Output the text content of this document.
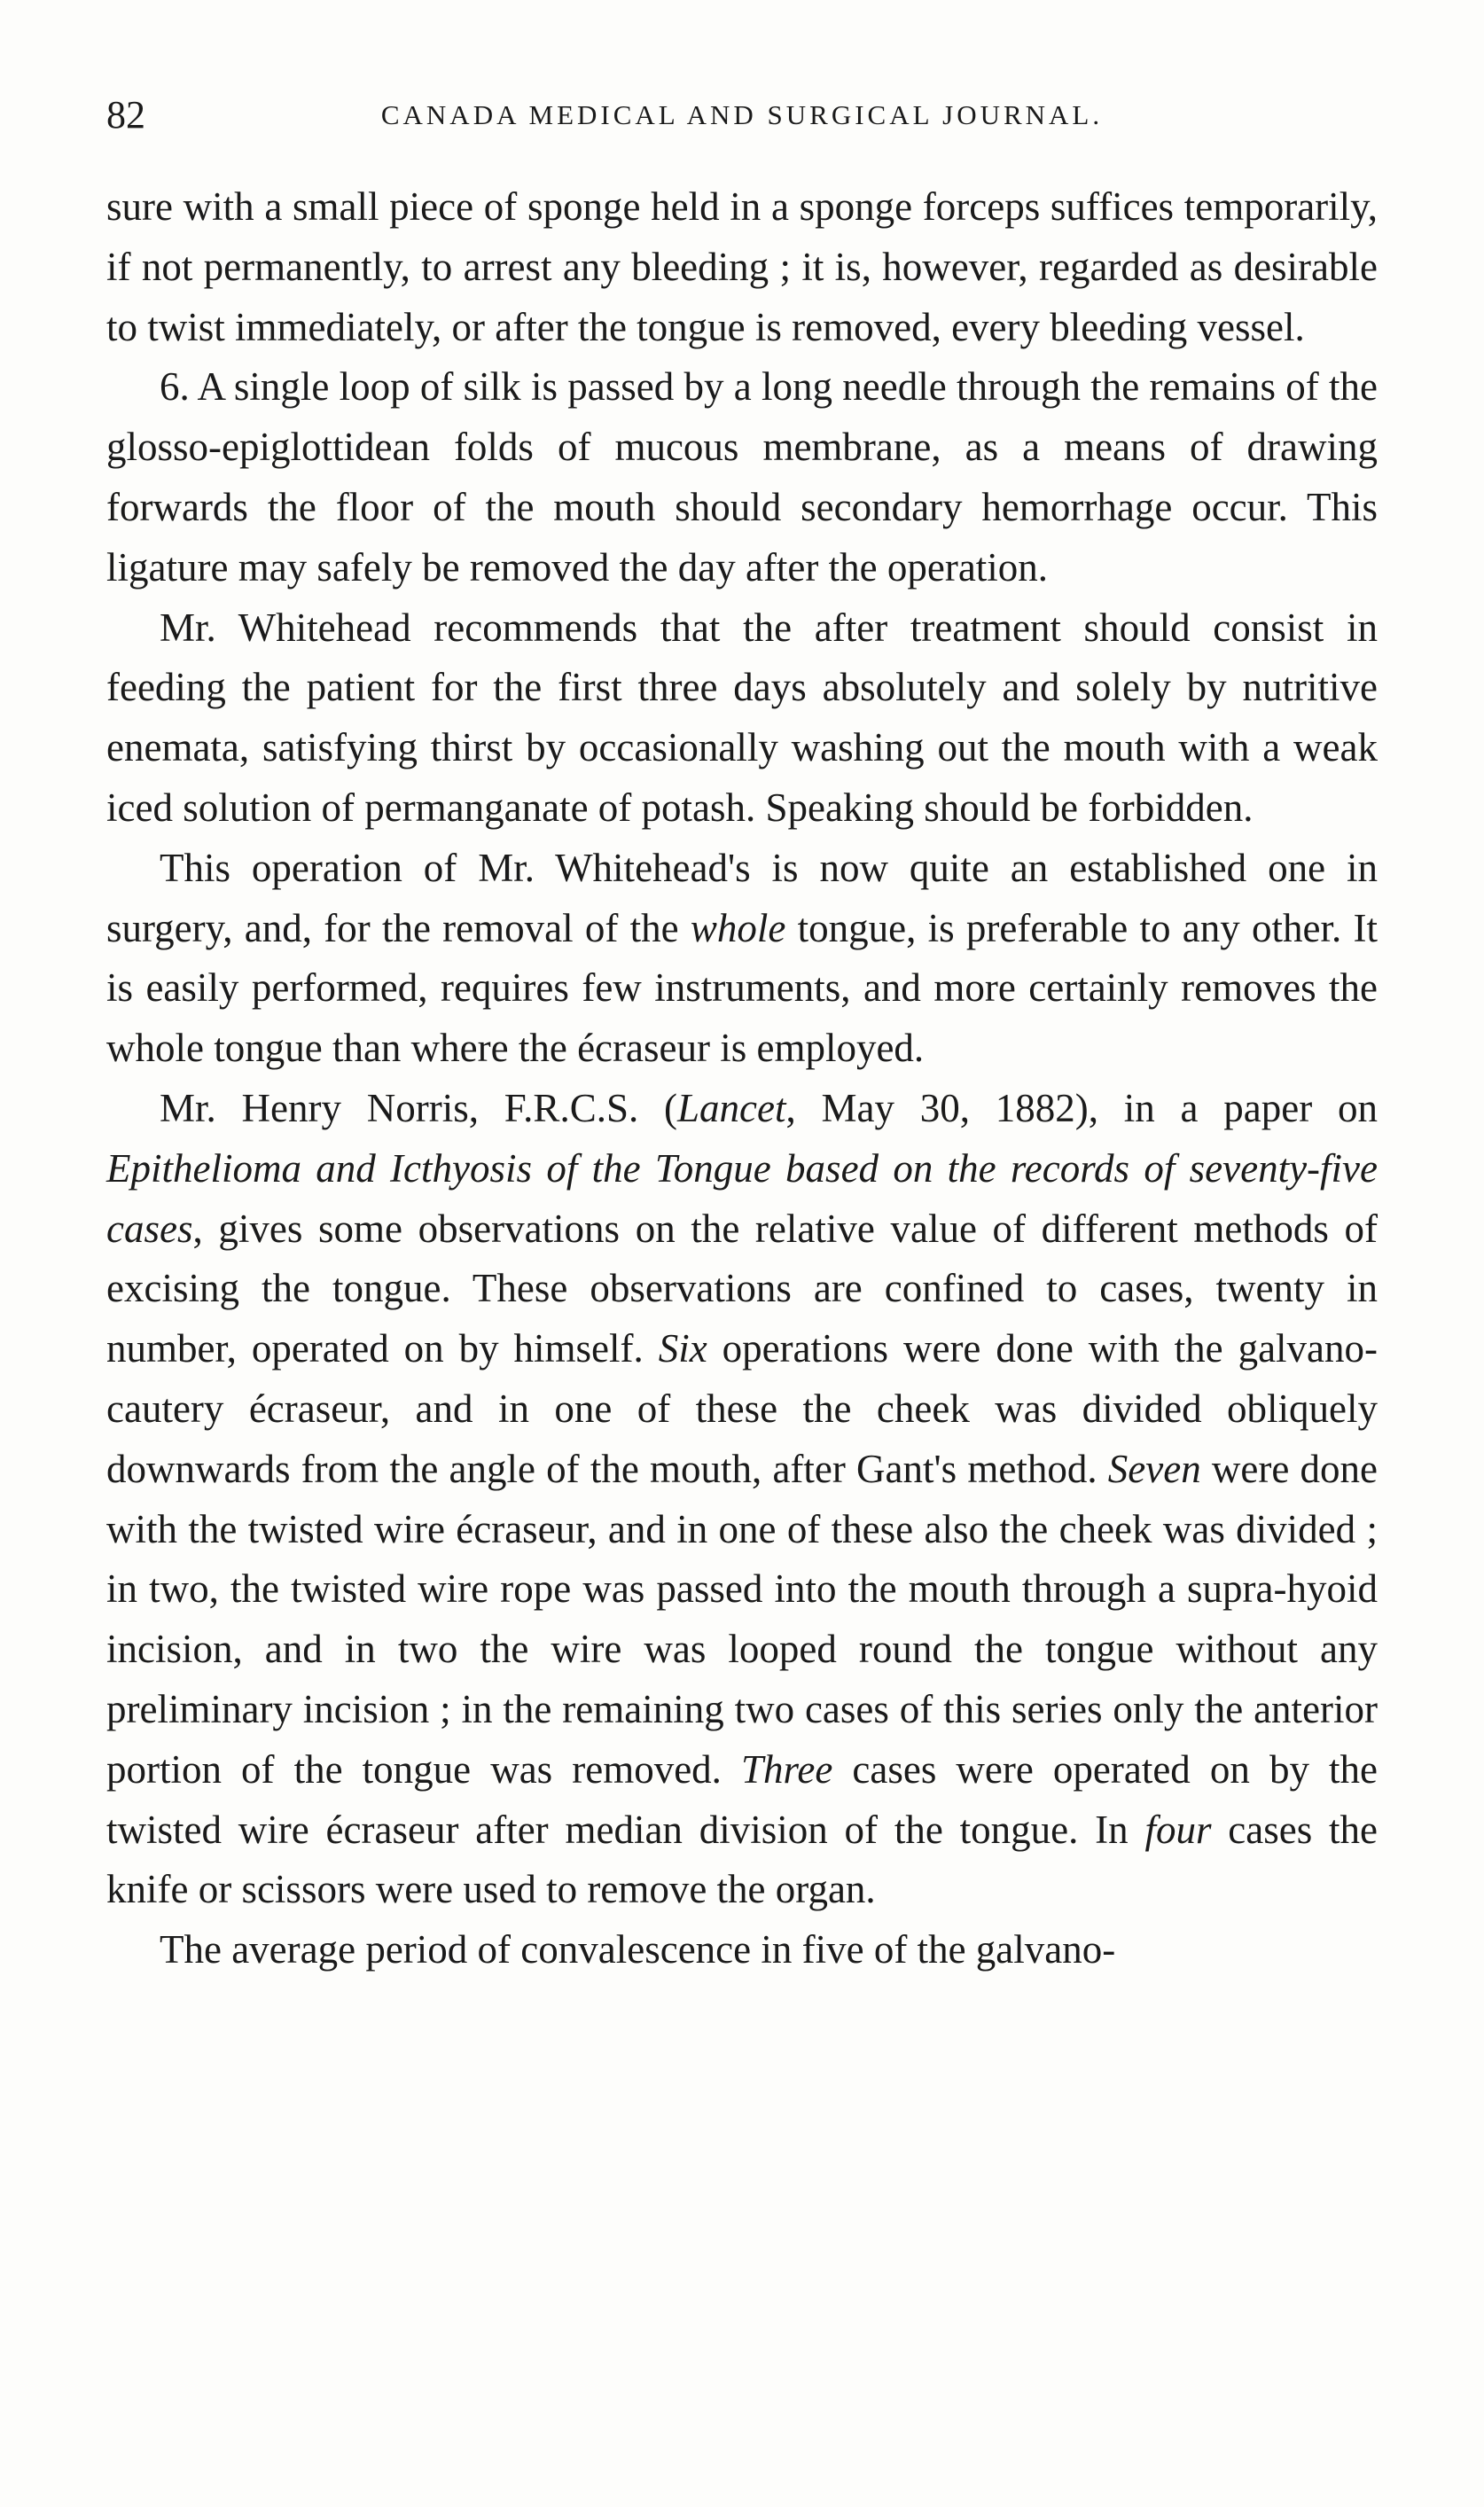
82	CANADA MEDICAL AND SURGICAL JOURNAL.

sure with a small piece of sponge held in a sponge forceps suffices temporarily, if not permanently, to arrest any bleeding ; it is, however, regarded as desirable to twist immediately, or after the tongue is removed, every bleeding vessel.

6. A single loop of silk is passed by a long needle through the remains of the glosso-epiglottidean folds of mucous membrane, as a means of drawing forwards the floor of the mouth should secondary hemorrhage occur. This ligature may safely be removed the day after the operation.

Mr. Whitehead recommends that the after treatment should consist in feeding the patient for the first three days absolutely and solely by nutritive enemata, satisfying thirst by occasionally washing out the mouth with a weak iced solution of permanganate of potash. Speaking should be forbidden.

This operation of Mr. Whitehead's is now quite an established one in surgery, and, for the removal of the whole tongue, is preferable to any other. It is easily performed, requires few instruments, and more certainly removes the whole tongue than where the écraseur is employed.

Mr. Henry Norris, F.R.C.S. (Lancet, May 30, 1882), in a paper on Epithelioma and Icthyosis of the Tongue based on the records of seventy-five cases, gives some observations on the relative value of different methods of excising the tongue. These observations are confined to cases, twenty in number, operated on by himself. Six operations were done with the galvano-cautery écraseur, and in one of these the cheek was divided obliquely downwards from the angle of the mouth, after Gant's method. Seven were done with the twisted wire écraseur, and in one of these also the cheek was divided ; in two, the twisted wire rope was passed into the mouth through a supra-hyoid incision, and in two the wire was looped round the tongue without any preliminary incision ; in the remaining two cases of this series only the anterior portion of the tongue was removed. Three cases were operated on by the twisted wire écraseur after median division of the tongue. In four cases the knife or scissors were used to remove the organ.

The average period of convalescence in five of the galvano-
